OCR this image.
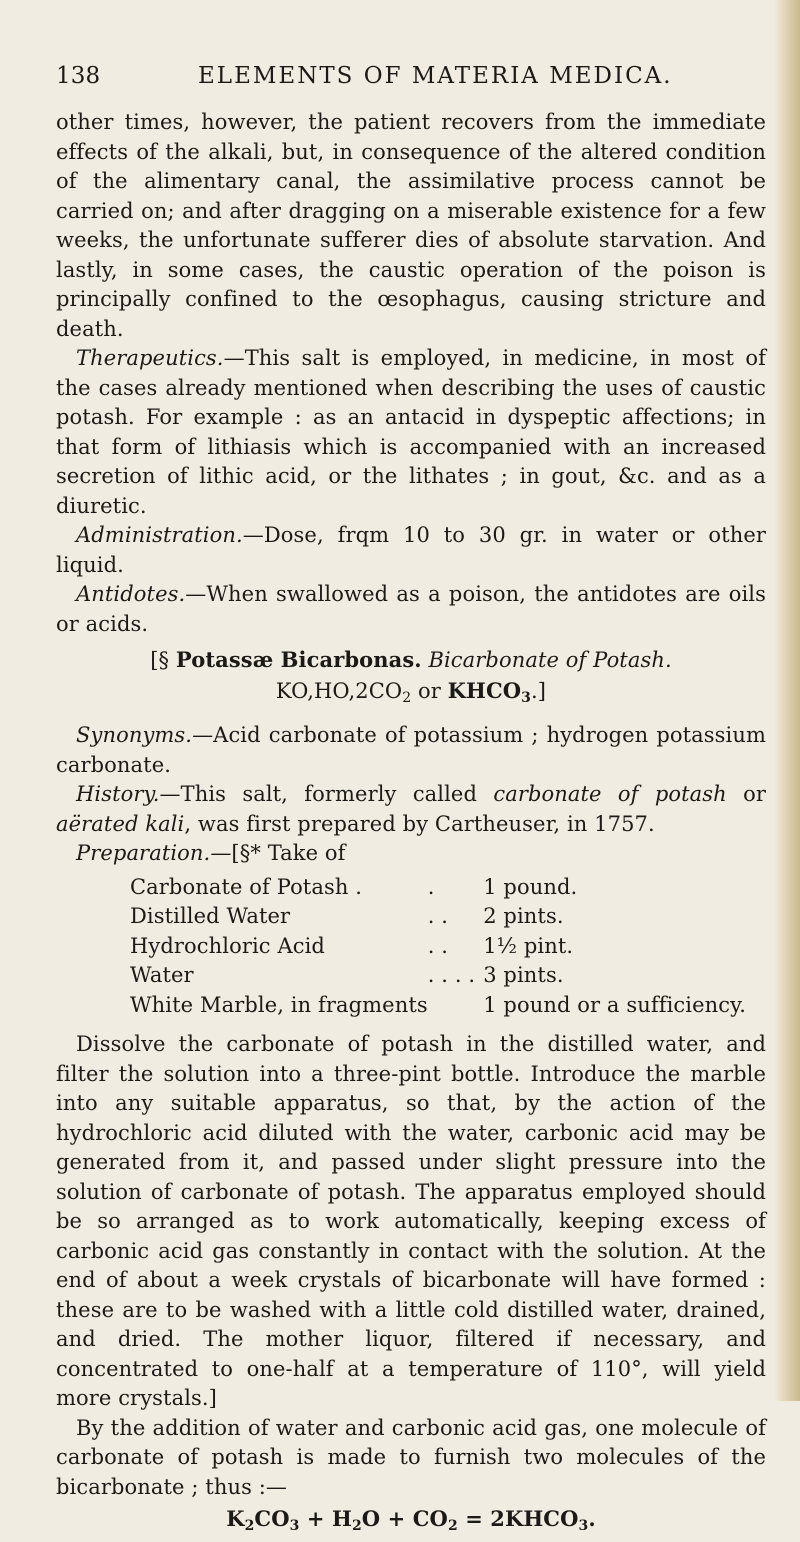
138	ELEMENTS OF MATERIA MEDICA.

other times, however, the patient recovers from the immediate effects of the alkali, but, in consequence of the altered condition of the alimentary canal, the assimilative process cannot be carried on; and after dragging on a miserable existence for a few weeks, the unfortunate sufferer dies of absolute starvation. And lastly, in some cases, the caustic operation of the poison is principally confined to the œsophagus, causing stricture and death.

Therapeutics.—This salt is employed, in medicine, in most of the cases already mentioned when describing the uses of caustic potash. For example : as an antacid in dyspeptic affections; in that form of lithiasis which is accompanied with an increased secretion of lithic acid, or the lithates ; in gout, &c. and as a diuretic.

Administration.—Dose, frqm 10 to 30 gr. in water or other liquid.

Antidotes.—When swallowed as a poison, the antidotes are oils or acids.

[§ Potassæ Bicarbonas. Bicarbonate of Potash.
$KO,HO,2CO_2$ or $KHCO_3$.]

Synonyms.—Acid carbonate of potassium ; hydrogen potassium carbonate.

History.—This salt, formerly called carbonate of potash or aërated kali, was first prepared by Cartheuser, in 1757.

Preparation.—[§* Take of

Carbonate of Potash .	.	1 pound.
Distilled Water	. .	2 pints.
Hydrochloric Acid	. .	1½ pint.
Water	. . . .	3 pints.
White Marble, in fragments		1 pound or a sufficiency.

Dissolve the carbonate of potash in the distilled water, and filter the solution into a three-pint bottle. Introduce the marble into any suitable apparatus, so that, by the action of the hydrochloric acid diluted with the water, carbonic acid may be generated from it, and passed under slight pressure into the solution of carbonate of potash. The apparatus employed should be so arranged as to work automatically, keeping excess of carbonic acid gas constantly in contact with the solution. At the end of about a week crystals of bicarbonate will have formed : these are to be washed with a little cold distilled water, drained, and dried. The mother liquor, filtered if necessary, and concentrated to one-half at a temperature of 110°, will yield more crystals.]

By the addition of water and carbonic acid gas, one molecule of carbonate of potash is made to furnish two molecules of the bicarbonate ; thus :—

$K_2CO_3 + H_2O + CO_2$ = $2KHCO_3$.
